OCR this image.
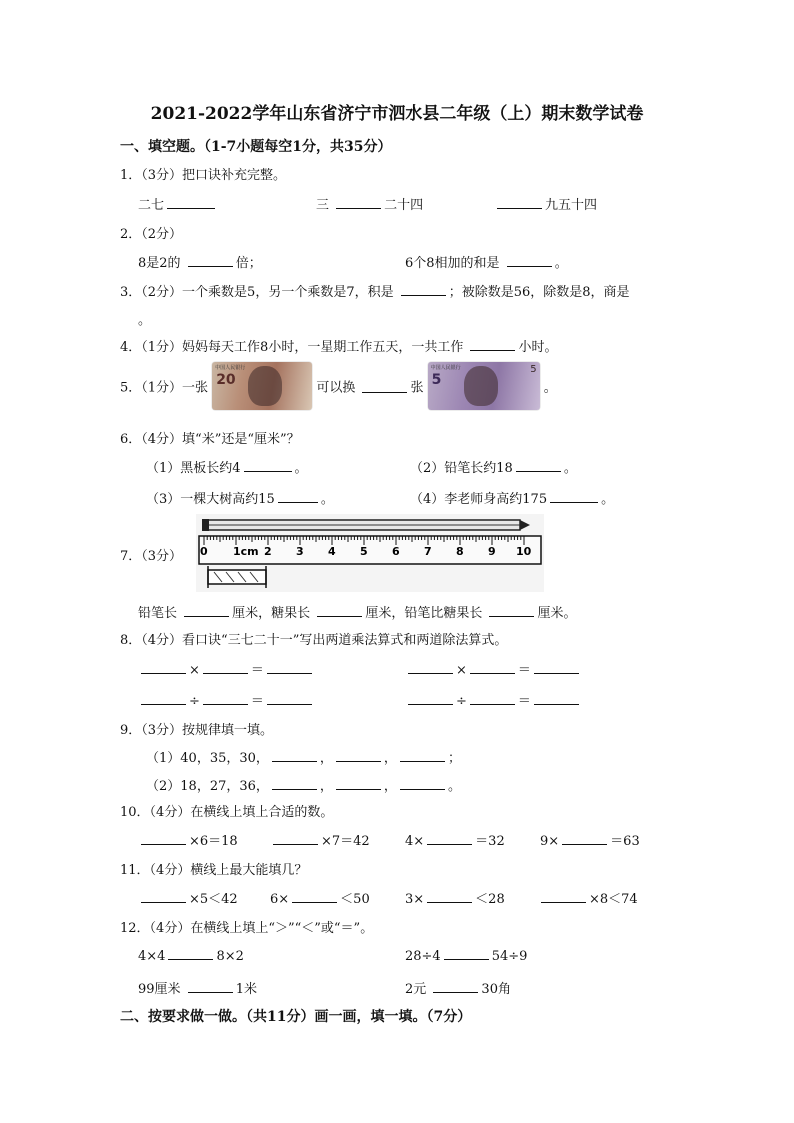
2021-2022学年山东省济宁市泗水县二年级（上）期末数学试卷
一、填空题。（1-7小题每空1分，共35分）
1．（3分）把口诀补充完整。
二七	三	二十四	九五十四
2．（2分）
8是2的	倍；	6个8相加的和是	。
3．（2分）一个乘数是5，另一个乘数是7，积是	；被除数是56，除数是8，商是
。
4．（1分）妈妈每天工作8小时，一星期工作五天，一共工作	小时。
5．（1分）一张
中国人民银行
20	可以换	张
中国人民银行
5
5
。
6．（4分）填“米”还是“厘米”？
（1）黑板长约4	。	（2）铅笔长约18	。
（3）一棵大树高约15	。	（4）李老师身高约175	。
7．（3分） 0 1cm 2 3 4 5 6 7 8 9 10
铅笔长	厘米，糖果长	厘米，铅笔比糖果长	厘米。
8．（4分）看口诀“三七二十一”写出两道乘法算式和两道除法算式。
×	＝	×	＝
÷	＝	÷	＝
9．（3分）按规律填一填。
（1）40，35，30，	，	，	；
（2）18，27，36，	，	，	。
10．（4分）在横线上填上合适的数。
×6＝18	×7＝42	4×	＝32	9×	＝63
11．（4分）横线上最大能填几？
×5＜42 6×	＜50	3×	＜28	×8＜74
12．（4分）在横线上填上“＞”“＜”或“＝”。
4×4	8×2	28÷4	54÷9
99厘米	1米	2元	30角
二、按要求做一做。（共11分）画一画，填一填。（7分）
